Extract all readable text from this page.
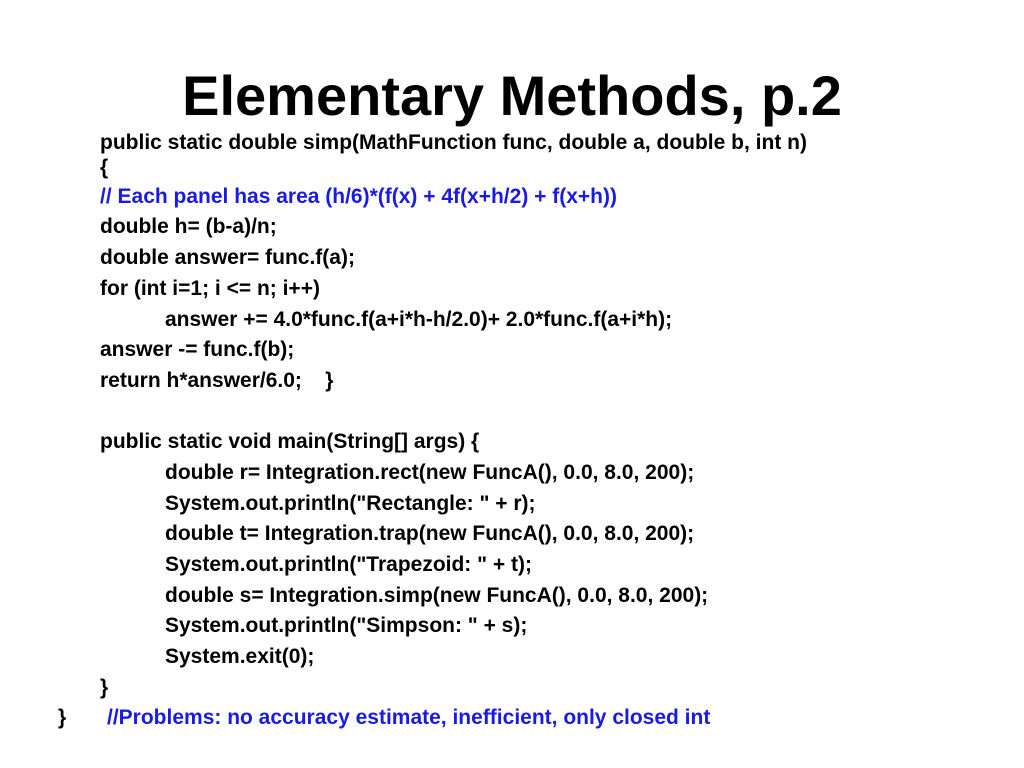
Elementary Methods, p.2
public static double simp(MathFunction func, double a, double b, int n)
{
// Each panel has area (h/6)*(f(x) + 4f(x+h/2) + f(x+h))
double h= (b-a)/n;
double answer= func.f(a);
for (int i=1; i <= n; i++)
answer += 4.0*func.f(a+i*h-h/2.0)+ 2.0*func.f(a+i*h);
answer -= func.f(b);
return h*answer/6.0;    }
public static void main(String[] args) {
double r= Integration.rect(new FuncA(), 0.0, 8.0, 200);
System.out.println("Rectangle: " + r);
double t= Integration.trap(new FuncA(), 0.0, 8.0, 200);
System.out.println("Trapezoid: " + t);
double s= Integration.simp(new FuncA(), 0.0, 8.0, 200);
System.out.println("Simpson: " + s);
System.exit(0);
}
} //Problems: no accuracy estimate, inefficient, only closed int
